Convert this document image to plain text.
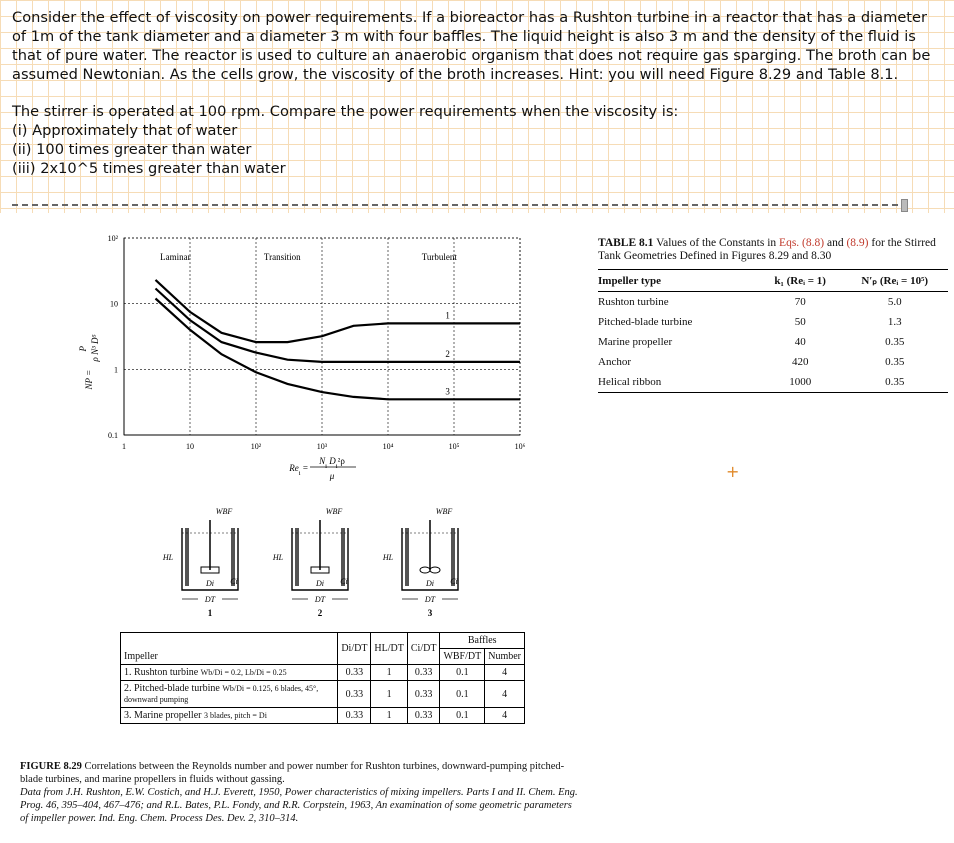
Consider the effect of viscosity on power requirements. If a bioreactor has a Rushton turbine in a reactor that has a diameter of 1m of the tank diameter and a diameter 3 m with four baffles. The liquid height is also 3 m and the density of the fluid is that of pure water. The reactor is used to culture an anaerobic organism that does not require gas sparging. The broth can be assumed Newtonian. As the cells grow, the viscosity of the broth increases. Hint: you will need Figure 8.29 and Table 8.1.

The stirrer is operated at 100 rpm. Compare the power requirements when the viscosity is:

(i) Approximately that of water

(ii) 100 times greater than water

(iii) 2x10^5 times greater than water

1	10	10²	10³	10⁴	10⁵	10⁶
0.1
1
10
10²
Laminar	Transition	Turbulent
1
2
3
$Re_i$ =
$N_i$ $D_i^2\rho$
μ
NP =
P ρ N³ D⁵
WBF
HL
Di Ci
DT
1
WBF
HL
Di Ci
DT
2
WBF
HL
Di Ci
DT
3
TABLE 8.1 Values of the Constants in Eqs. (8.8) and (8.9) for the Stirred Tank Geometries Defined in Figures 8.29 and 8.30
Impeller type	k₁ (Reᵢ = 1)	N′ₚ (Reᵢ = 10⁵)
Rushton turbine	70	5.0
Pitched-blade turbine	50	1.3
Marine propeller	40	0.35
Anchor	420	0.35
Helical ribbon	1000	0.35
Impeller	Di/DT	HL/DT	Ci/DT	Baffles	
				WBF/DT	Number
1. Rushton turbine Wb/Di = 0.2, Lb/Di = 0.25	0.33	1	0.33	0.1	4
2. Pitched-blade turbine Wb/Di = 0.125, 6 blades, 45°, downward pumping	0.33	1	0.33	0.1	4
3. Marine propeller 3 blades, pitch = Di	0.33	1	0.33	0.1	4
FIGURE 8.29 Correlations between the Reynolds number and power number for Rushton turbines, downward-pumping pitched-blade turbines, and marine propellers in fluids without gassing.
Data from J.H. Rushton, E.W. Costich, and H.J. Everett, 1950, Power characteristics of mixing impellers. Parts I and II. Chem. Eng. Prog. 46, 395–404, 467–476; and R.L. Bates, P.L. Fondy, and R.R. Corpstein, 1963, An examination of some geometric parameters of impeller power. Ind. Eng. Chem. Process Des. Dev. 2, 310–314.
+
